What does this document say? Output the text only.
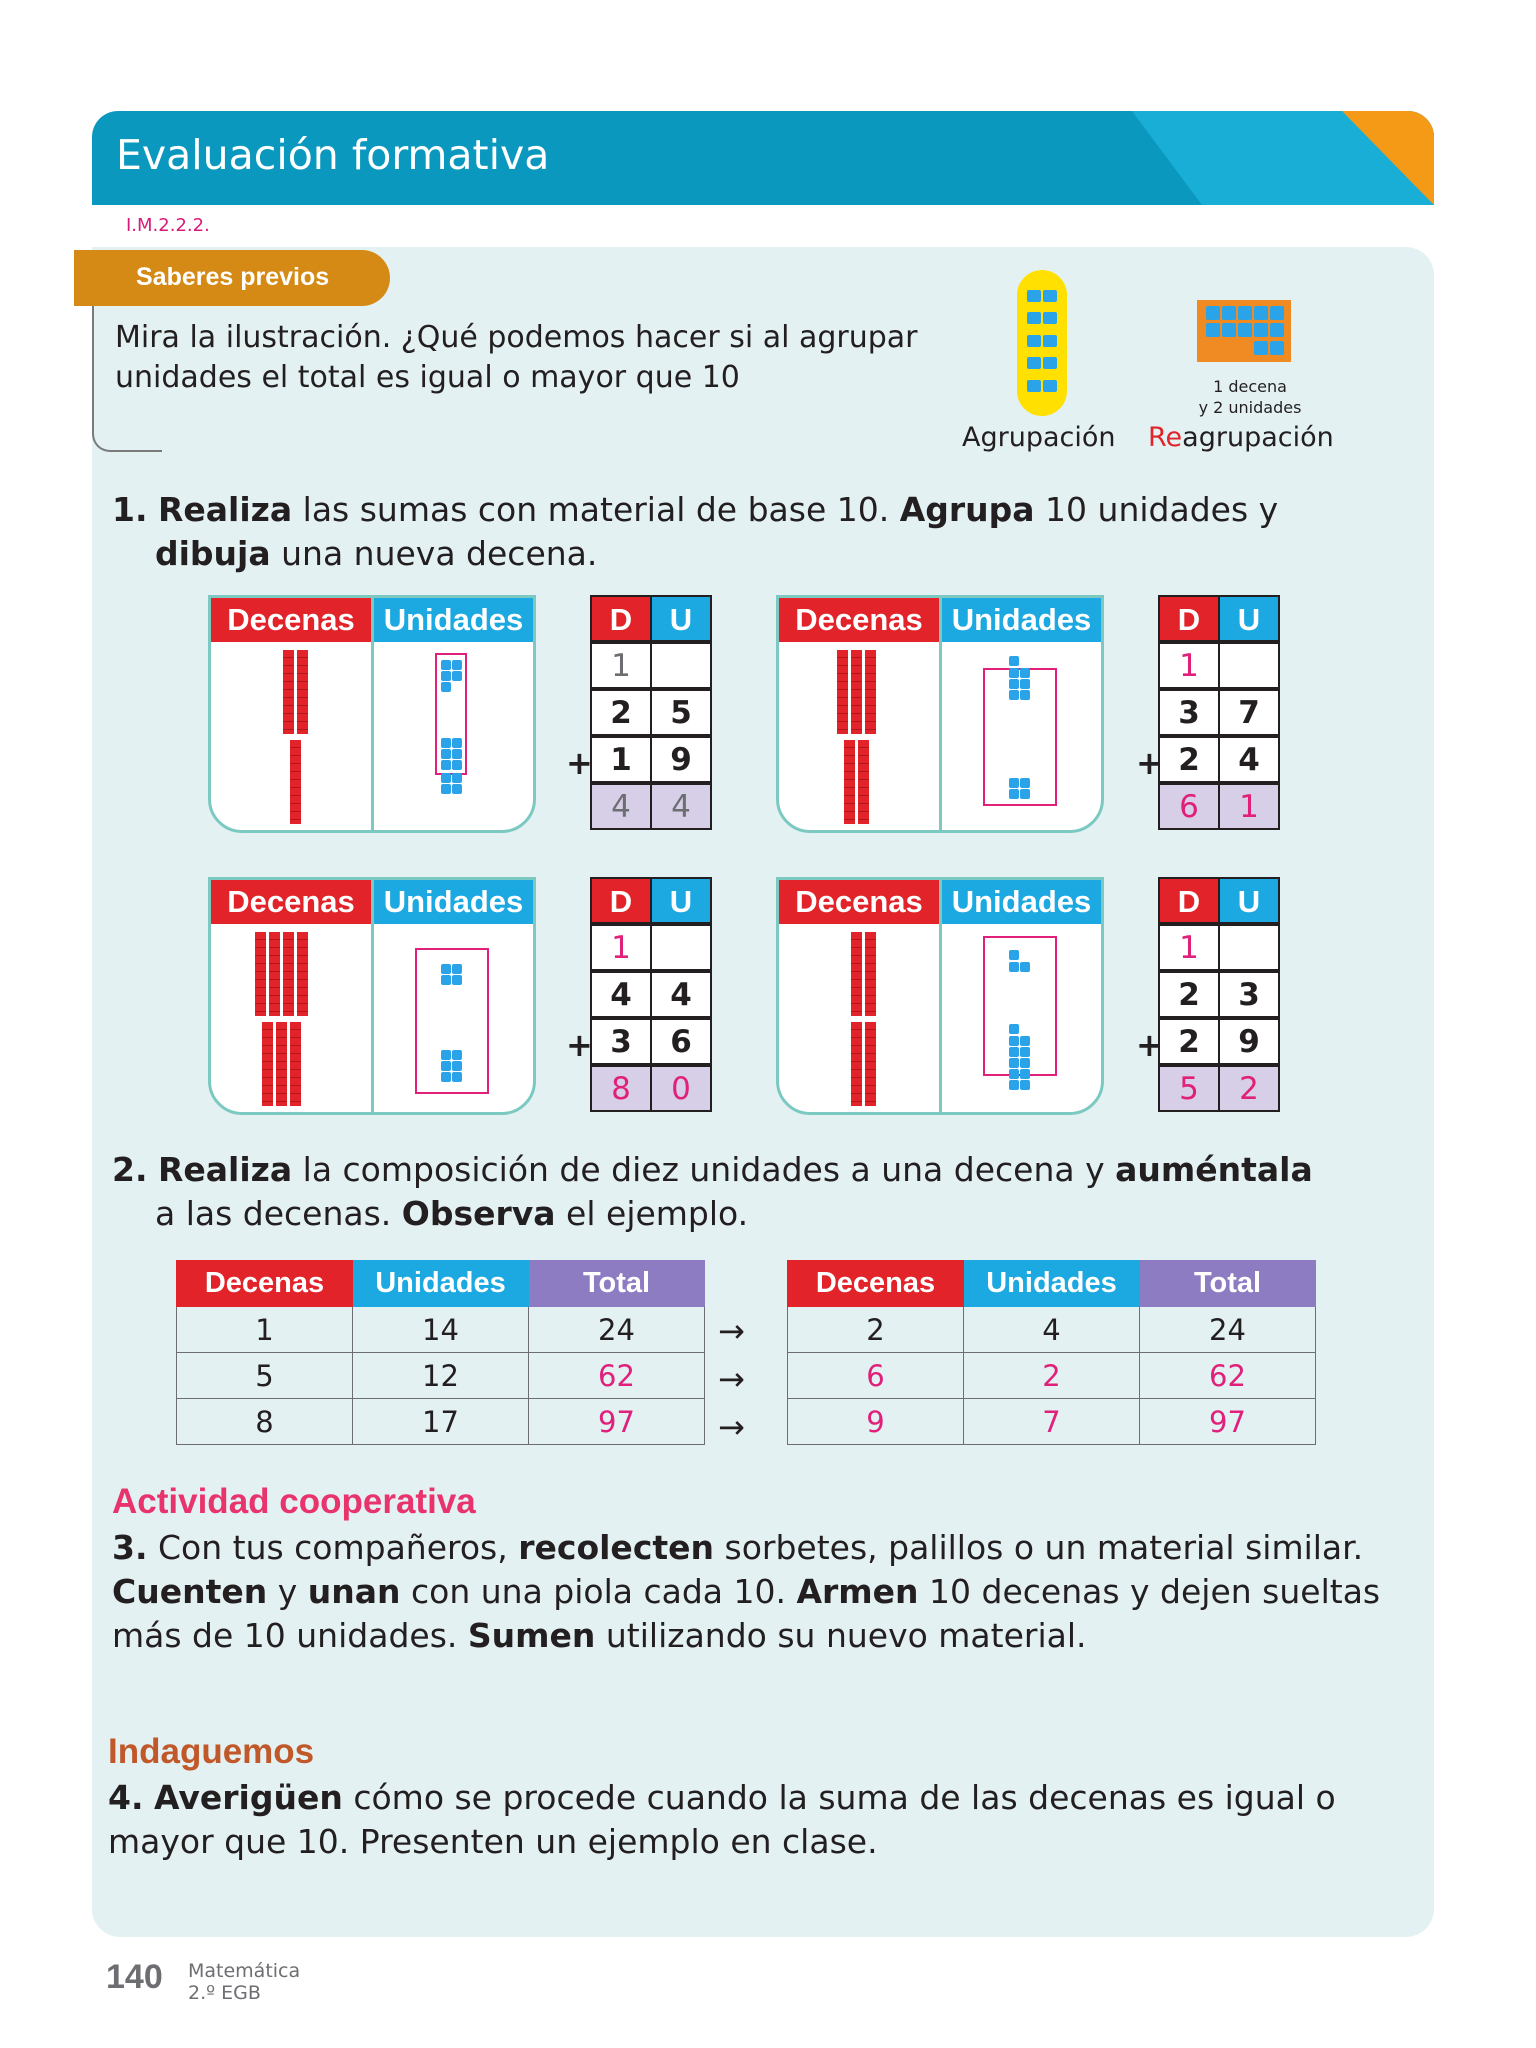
Evaluación formativa
DUA
Acción y expresión
I.M.2.2.2.
Saberes previos
Mira la ilustración. ¿Qué podemos hacer si al agrupar unidades el total es igual o mayor que 10	1 decena
y 2 unidades
Agrupación Reagrupación
1. Realiza las sumas con material de base 10. Agrupa 10 unidades y
dibuja una nueva decena.
Decenas Unidades	D	U
1
2	5
1	9
4	4
+
Decenas Unidades	D	U
1
3	7
2	4
6	1
+
Decenas Unidades	D	U
1
4	4
3	6
8	0
+
Decenas Unidades	D	U
1
2	3
2	9
5	2
+
2. Realiza la composición de diez unidades a una decena y auméntala
a las decenas. Observa el ejemplo.
Decenas	Unidades	Total
1	14	24
5	12	62
8	17	97
→
→
→
Decenas	Unidades	Total
2	4	24
6	2	62
9	7	97
Actividad cooperativa
3. Con tus compañeros, recolecten sorbetes, palillos o un material similar. Cuenten y unan con una piola cada 10. Armen 10 decenas y dejen sueltas más de 10 unidades. Sumen utilizando su nuevo material.
Indaguemos
4. Averigüen cómo se procede cuando la suma de las decenas es igual o mayor que 10. Presenten un ejemplo en clase.
140 Matemática
2.º EGB
